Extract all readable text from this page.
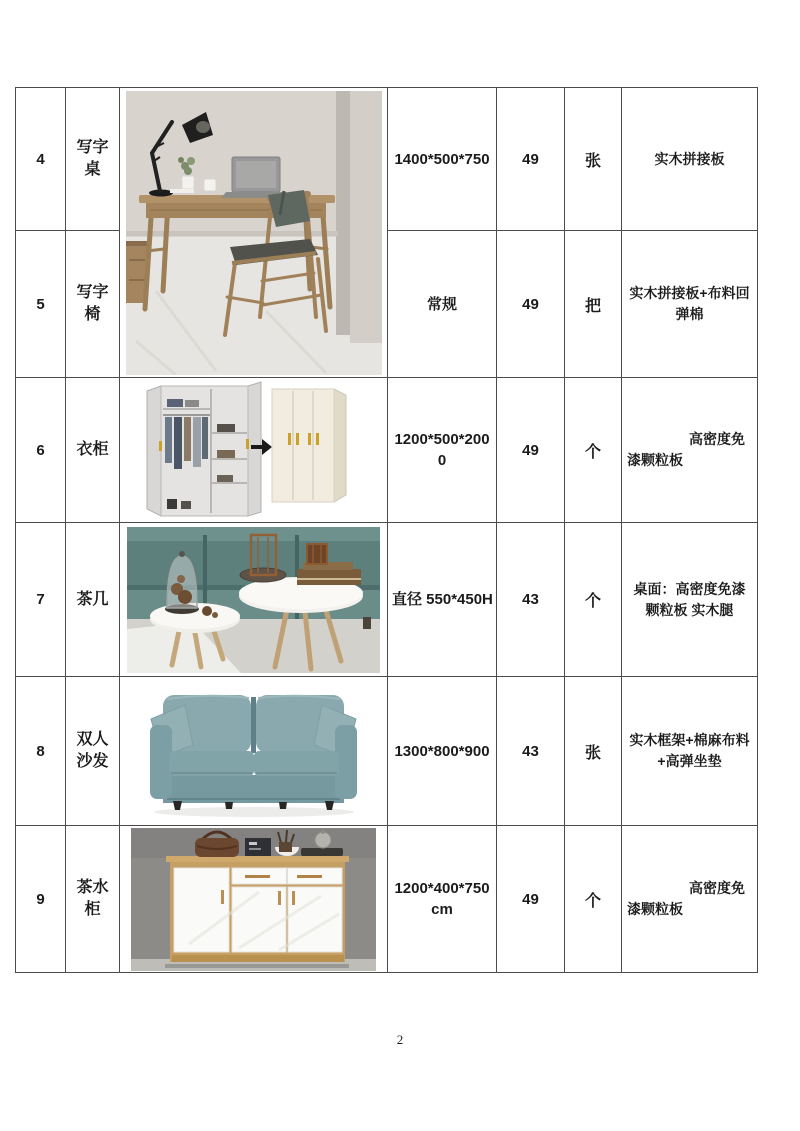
4	写字桌		1400*500*750	49	张	实木拼接板
5	写字椅		常规	49	把	实木拼接板+布料回弹棉
6	衣柜		1200*500*2000	49	个	高密度免漆颗粒板
7	茶几		直径 550*450H	43	个	桌面：高密度免漆颗粒板 实木腿
8	双人沙发		1300*800*900	43	张	实木框架+棉麻布料+高弹坐垫
9	茶水柜		1200*400*750cm	49	个	高密度免漆颗粒板
2
